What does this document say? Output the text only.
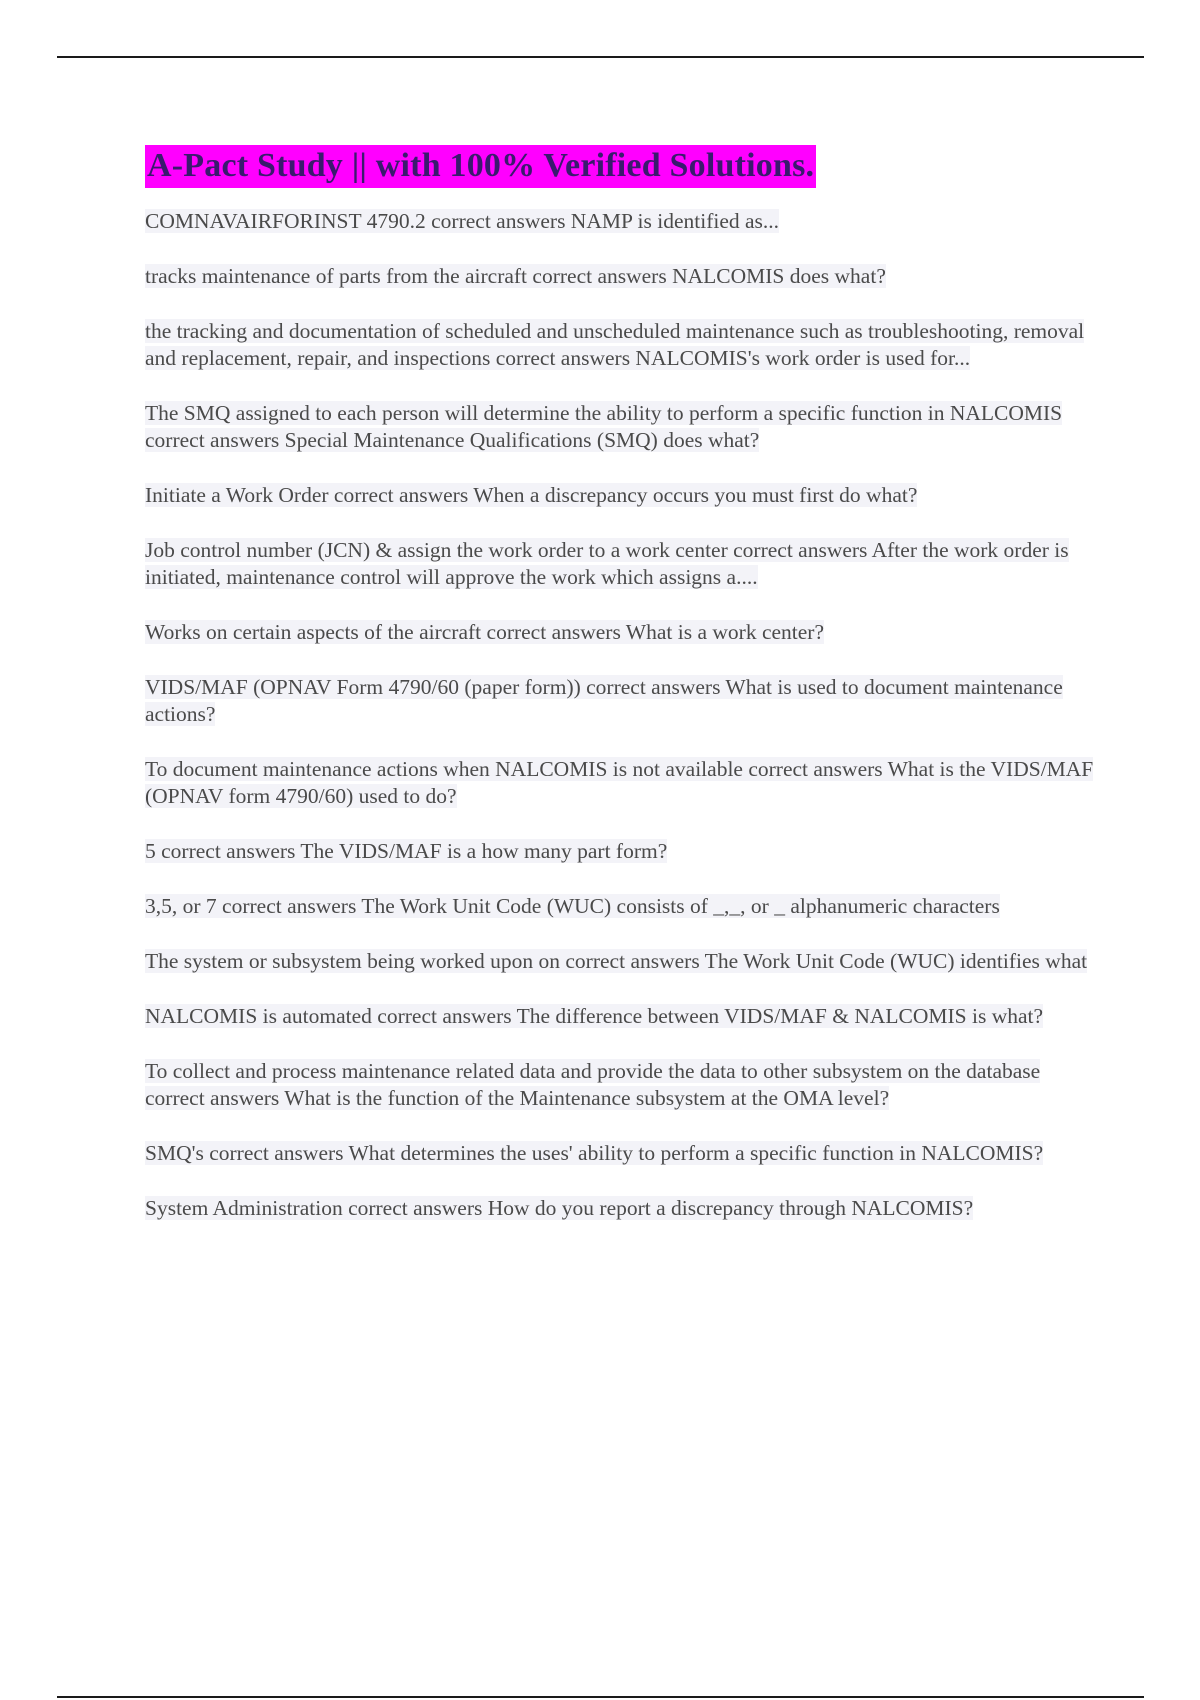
A-Pact Study || with 100% Verified Solutions.
COMNAVAIRFORINST 4790.2 correct answers NAMP is identified as...
tracks maintenance of parts from the aircraft correct answers NALCOMIS does what?
the tracking and documentation of scheduled and unscheduled maintenance such as troubleshooting, removal and replacement, repair, and inspections correct answers NALCOMIS's work order is used for...
The SMQ assigned to each person will determine the ability to perform a specific function in NALCOMIS correct answers Special Maintenance Qualifications (SMQ) does what?
Initiate a Work Order correct answers When a discrepancy occurs you must first do what?
Job control number (JCN) & assign the work order to a work center correct answers After the work order is initiated, maintenance control will approve the work which assigns a....
Works on certain aspects of the aircraft correct answers What is a work center?
VIDS/MAF (OPNAV Form 4790/60 (paper form)) correct answers What is used to document maintenance actions?
To document maintenance actions when NALCOMIS is not available correct answers What is the VIDS/MAF (OPNAV form 4790/60) used to do?
5 correct answers The VIDS/MAF is a how many part form?
3,5, or 7 correct answers The Work Unit Code (WUC) consists of _,_, or _ alphanumeric characters
The system or subsystem being worked upon on correct answers The Work Unit Code (WUC) identifies what
NALCOMIS is automated correct answers The difference between VIDS/MAF & NALCOMIS is what?
To collect and process maintenance related data and provide the data to other subsystem on the database correct answers What is the function of the Maintenance subsystem at the OMA level?
SMQ's correct answers What determines the uses' ability to perform a specific function in NALCOMIS?
System Administration correct answers How do you report a discrepancy through NALCOMIS?
